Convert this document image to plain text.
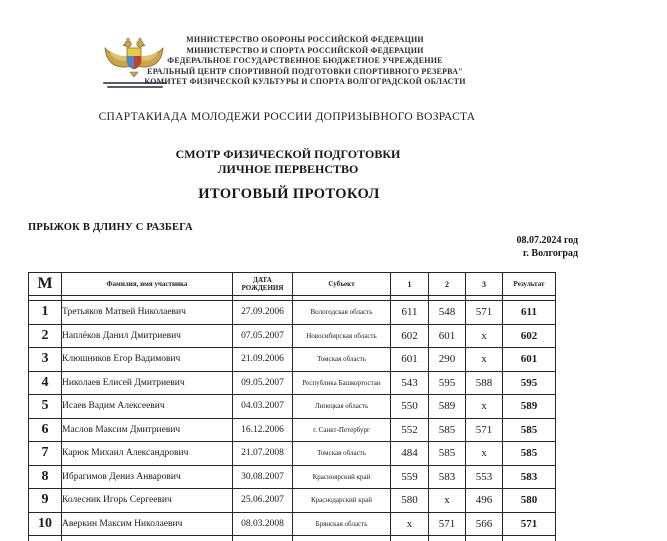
МИНИСТЕРСТВО ОБОРОНЫ РОССИЙСКОЙ ФЕДЕРАЦИИ
МИНИСТЕРСТВО И СПОРТА РОССИЙСКОЙ ФЕДЕРАЦИИ
ФЕДЕРАЛЬНОЕ ГОСУДАРСТВЕННОЕ БЮДЖЕТНОЕ УЧРЕЖДЕНИЕ
ЕРАЛЬНЫЙ ЦЕНТР СПОРТИВНОЙ ПОДГОТОВКИ СПОРТИВНОГО РЕЗЕРВА"
КОМИТЕТ ФИЗИЧЕСКОЙ КУЛЬТУРЫ И СПОРТА ВОЛГОГРАДСКОЙ ОБЛАСТИ
СПАРТАКИАДА МОЛОДЕЖИ РОССИИ ДОПРИЗЫВНОГО ВОЗРАСТА
СМОТР ФИЗИЧЕСКОЙ ПОДГОТОВКИ
ЛИЧНОЕ ПЕРВЕНСТВО
ИТОГОВЫЙ ПРОТОКОЛ
ПРЫЖОК В ДЛИНУ С РАЗБЕГА
08.07.2024 год
г. Волгоград
М	Фамилия, имя участника	ДАТА
РОЖДЕНИЯ	Субъект	1	2	3	Результат

1	Третьяков Матвей Николаевич	27.09.2006	Вологодская область	611	548	571	611
2	Наплёков Данил Дмитриевич	07.05.2007	Новосибирская область	602	601	x	602
3	Клюшников Егор Вадимович	21.09.2006	Томская область	601	290	x	601
4	Николаев Елисей Дмитриевич	09.05.2007	Республика Башкортостан	543	595	588	595
5	Исаев Вадим Алексеевич	04.03.2007	Липецкая область	550	589	x	589
6	Маслов Максим Дмитриевич	16.12.2006	г. Санкт-Петербург	552	585	571	585
7	Карюк Михаил Александрович	21.07.2008	Томская область	484	585	x	585
8	Ибрагимов Дениз Анварович	30.08.2007	Красноярский край	559	583	553	583
9	Колесник Игорь Сергеевич	25.06.2007	Краснодарский край	580	x	496	580
10	Аверкин Максим Николаевич	08.03.2008	Брянская область	x	571	566	571
